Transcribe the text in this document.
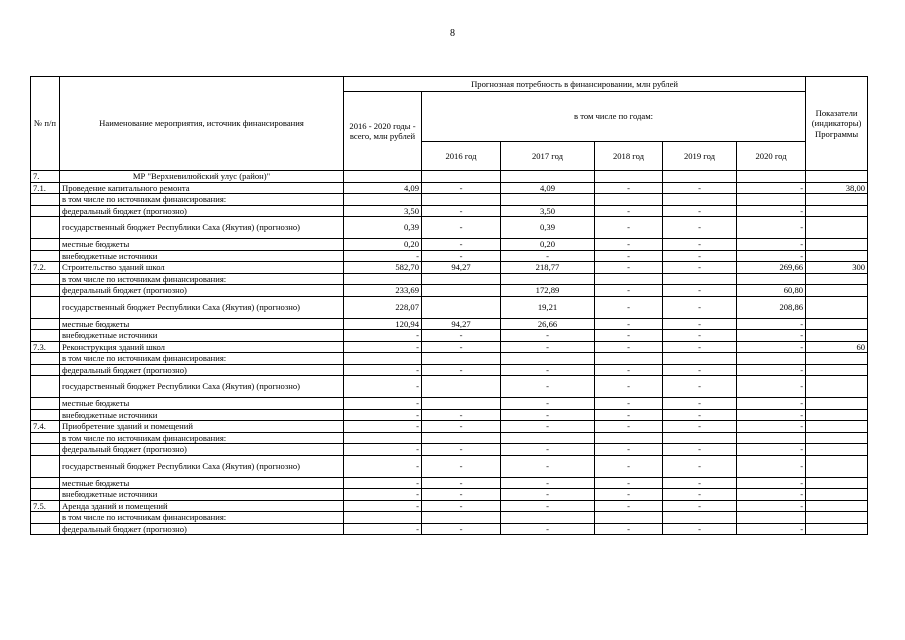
8
№ п/п	Наименование мероприятия, источник финансирования	Прогнозная потребность в финансировании, млн рублей						Показатели (индикаторы) Программы
		2016 - 2020 годы - всего, млн рублей	в том числе по годам:					
			2016 год	2017 год	2018 год	2019 год	2020 год	
7.	МР "Верхневилюйский улус (район)"							
7.1.	Проведение капитального ремонта	4,09	-	4,09	-	-	-	38,00
	в том числе по источникам финансирования:							
	федеральный бюджет (прогнозно)	3,50	-	3,50	-	-	-	
	государственный бюджет Республики Саха (Якутия) (прогнозно)	0,39	-	0,39	-	-	-	
	местные бюджеты	0,20	-	0,20	-	-	-	
	внебюджетные источники	-	-	-	-	-	-	
7.2.	Строительство зданий школ	582,70	94,27	218,77	-	-	269,66	300
	в том числе по источникам финансирования:							
	федеральный бюджет (прогнозно)	233,69		172,89	-	-	60,80	
	государственный бюджет Республики Саха (Якутия) (прогнозно)	228,07		19,21	-	-	208,86	
	местные бюджеты	120,94	94,27	26,66	-	-	-	
	внебюджетные источники	-	-	-	-	-	-	
7.3.	Реконструкция зданий школ	-	-	-	-	-	-	60
	в том числе по источникам финансирования:							
	федеральный бюджет (прогнозно)	-	-	-	-	-	-	
	государственный бюджет Республики Саха (Якутия) (прогнозно)	-		-	-	-	-	
	местные бюджеты	-		-	-	-	-	
	внебюджетные источники	-	-	-	-	-	-	
7.4.	Приобретение зданий и помещений	-	-	-	-	-	-	
	в том числе по источникам финансирования:							
	федеральный бюджет (прогнозно)	-	-	-	-	-	-	
	государственный бюджет Республики Саха (Якутия) (прогнозно)	-	-	-	-	-	-	
	местные бюджеты	-	-	-	-	-	-	
	внебюджетные источники	-	-	-	-	-	-	
7.5.	Аренда зданий и помещений	-	-	-	-	-	-	
	в том числе по источникам финансирования:							
	федеральный бюджет (прогнозно)	-	-	-	-	-	-	
